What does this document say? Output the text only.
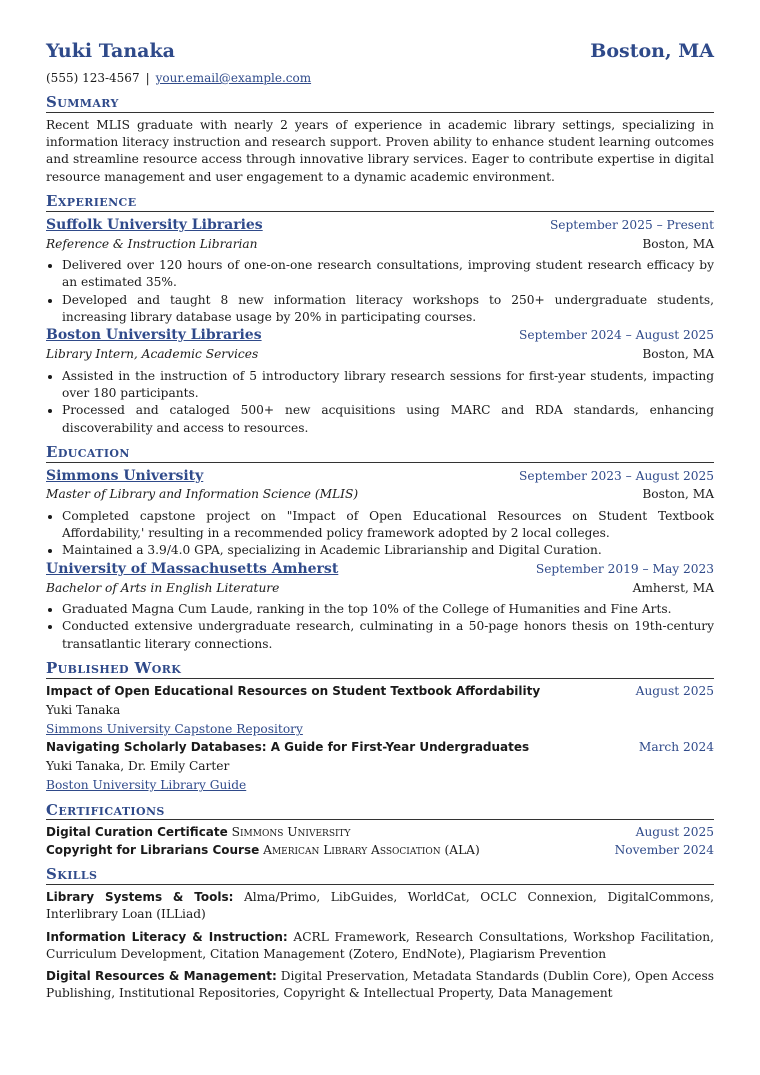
Yuki Tanaka	Boston, MA
(555) 123-4567 | your.email@example.com
Summary
Recent MLIS graduate with nearly 2 years of experience in academic library settings, specializing in information literacy instruction and research support. Proven ability to enhance student learning outcomes and streamline resource access through innovative library services. Eager to contribute expertise in digital resource management and user engagement to a dynamic academic environment.
Experience
Suffolk University Libraries	September 2025 – Present
Reference & Instruction Librarian	Boston, MA
• Delivered over 120 hours of one-on-one research consultations, improving student research efficacy by an estimated 35%.
• Developed and taught 8 new information literacy workshops to 250+ undergraduate students, increasing library database usage by 20% in participating courses.
Boston University Libraries	September 2024 – August 2025
Library Intern, Academic Services	Boston, MA
• Assisted in the instruction of 5 introductory library research sessions for first-year students, impacting over 180 participants.
• Processed and cataloged 500+ new acquisitions using MARC and RDA standards, enhancing discoverability and access to resources.
Education
Simmons University	September 2023 – August 2025
Master of Library and Information Science (MLIS)	Boston, MA
• Completed capstone project on "Impact of Open Educational Resources on Student Textbook Affordability,' resulting in a recommended policy framework adopted by 2 local colleges.
• Maintained a 3.9/4.0 GPA, specializing in Academic Librarianship and Digital Curation.
University of Massachusetts Amherst	September 2019 – May 2023
Bachelor of Arts in English Literature	Amherst, MA
• Graduated Magna Cum Laude, ranking in the top 10% of the College of Humanities and Fine Arts.
• Conducted extensive undergraduate research, culminating in a 50-page honors thesis on 19th-century transatlantic literary connections.
Published Work
Impact of Open Educational Resources on Student Textbook Affordability	August 2025
Yuki Tanaka
Simmons University Capstone Repository
Navigating Scholarly Databases: A Guide for First-Year Undergraduates	March 2024
Yuki Tanaka, Dr. Emily Carter
Boston University Library Guide
Certifications
Digital Curation Certificate Simmons University	August 2025
Copyright for Librarians Course American Library Association (ALA)	November 2024
Skills
Library Systems & Tools: Alma/Primo, LibGuides, WorldCat, OCLC Connexion, DigitalCommons, Interlibrary Loan (ILLiad)
Information Literacy & Instruction: ACRL Framework, Research Consultations, Workshop Facilitation, Curriculum Development, Citation Management (Zotero, EndNote), Plagiarism Prevention
Digital Resources & Management: Digital Preservation, Metadata Standards (Dublin Core), Open Access Publishing, Institutional Repositories, Copyright & Intellectual Property, Data Management
